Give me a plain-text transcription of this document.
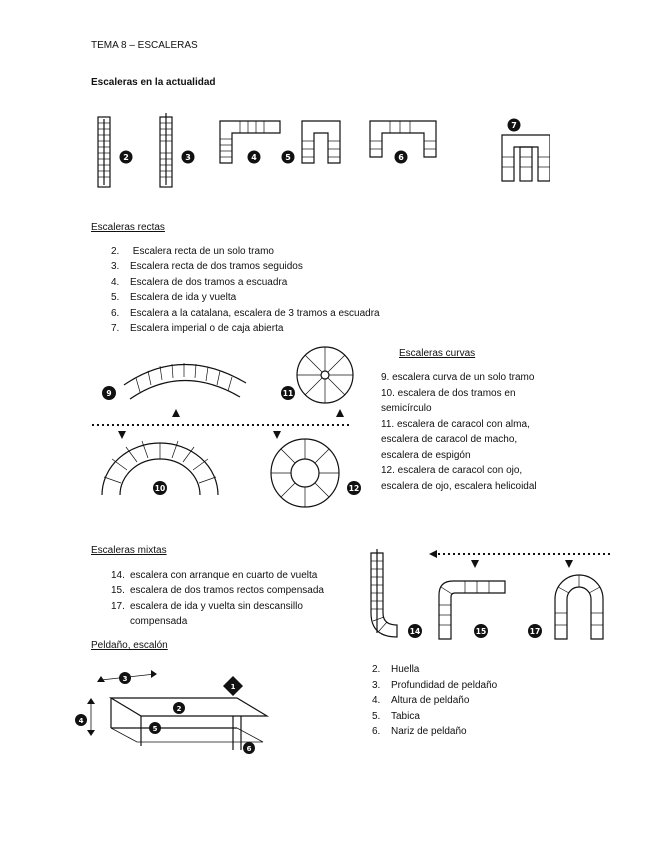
TEMA 8 – ESCALERAS
Escaleras en la actualidad
2	3	4	5	6
7
Escaleras rectas
2. Escalera recta de un solo tramo
3. Escalera recta de dos tramos seguidos
4. Escalera de dos tramos a escuadra
5. Escalera de ida y vuelta
6. Escalera a la catalana, escalera de 3 tramos a escuadra
7. Escalera imperial o de caja abierta
9	11
10	12
Escaleras curvas
9. escalera curva de un solo tramo
10. escalera de dos tramos en
semicírculo
11. escalera de caracol con alma,
escalera de caracol de macho,
escalera de espigón
12. escalera de caracol con ojo,
escalera de ojo, escalera helicoidal
Escaleras mixtas
14. escalera con arranque en cuarto de vuelta
15. escalera de dos tramos rectos compensada
17. escalera de ida y vuelta sin descansillo
compensada
14	15	17
Peldaño, escalón
1
2
3
4
5
6
2. Huella
3. Profundidad de peldaño
4. Altura de peldaño
5. Tabica
6. Nariz de peldaño
